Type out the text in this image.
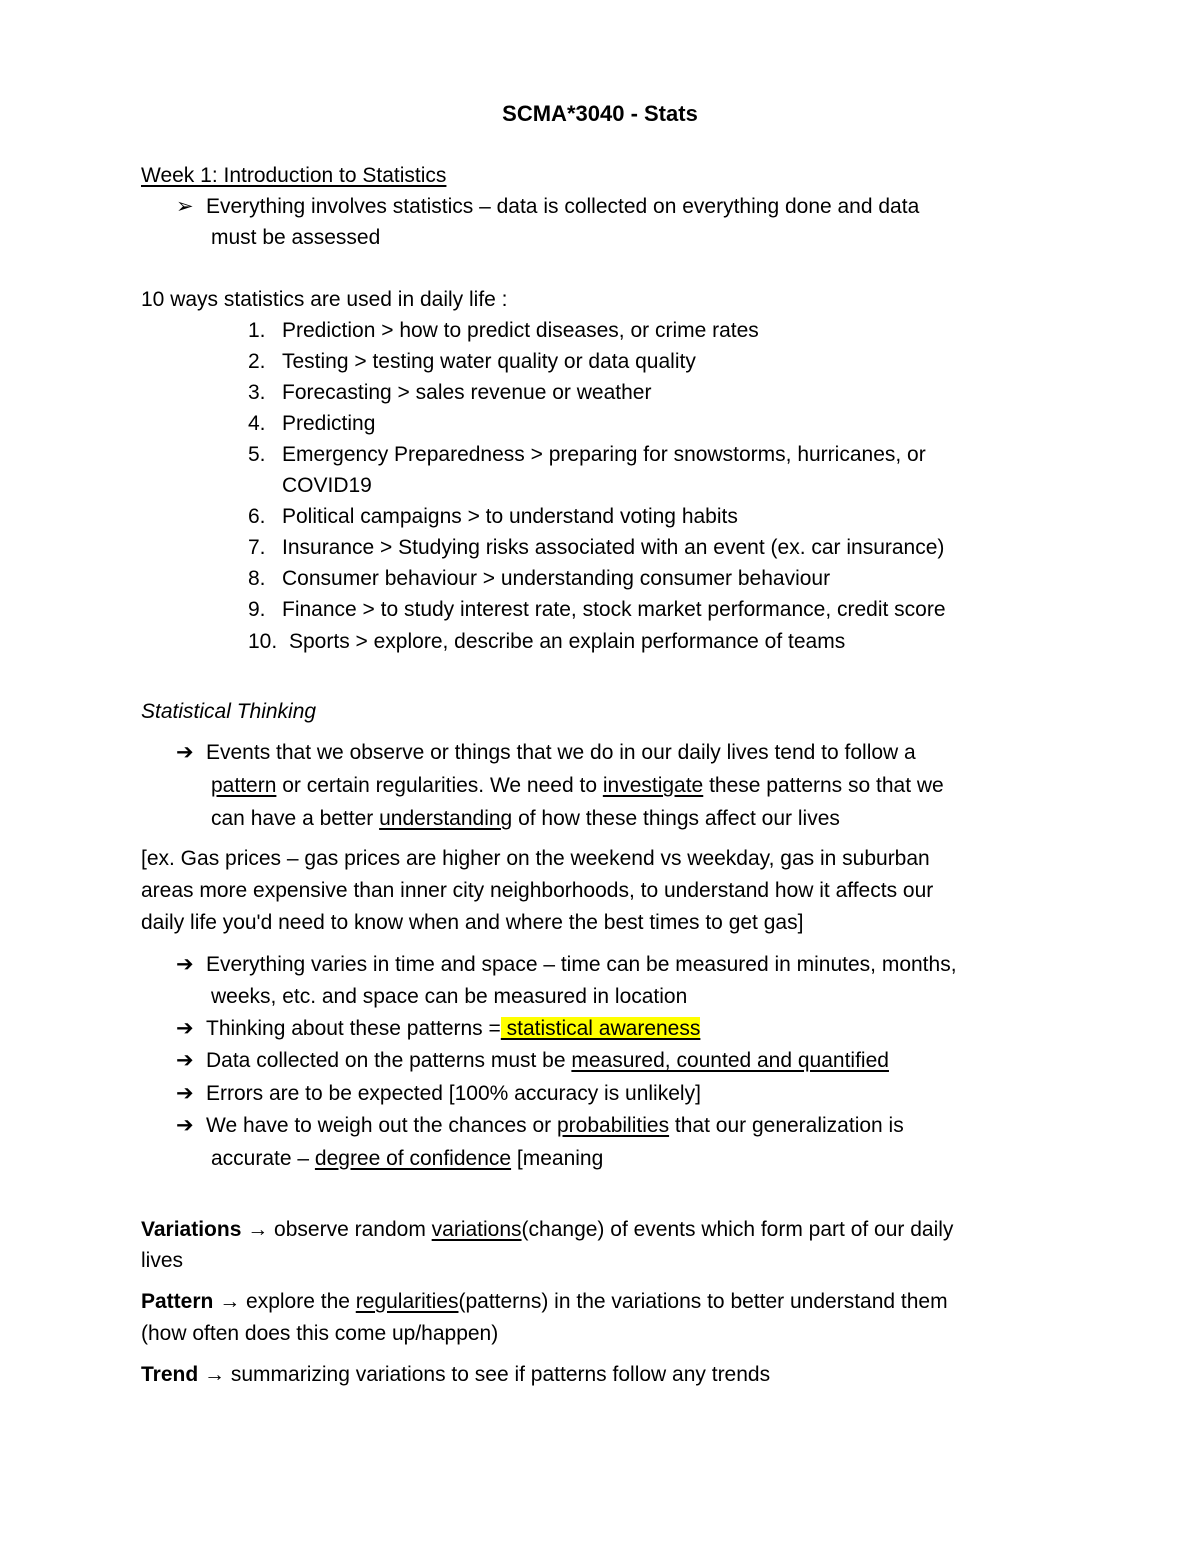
SCMA*3040 - Stats
Week 1: Introduction to Statistics
➢ Everything involves statistics – data is collected on everything done and data
must be assessed
10 ways statistics are used in daily life :
1. Prediction > how to predict diseases, or crime rates
2. Testing > testing water quality or data quality
3. Forecasting > sales revenue or weather
4. Predicting
5. Emergency Preparedness > preparing for snowstorms, hurricanes, or
COVID19
6. Political campaigns > to understand voting habits
7. Insurance > Studying risks associated with an event (ex. car insurance)
8. Consumer behaviour > understanding consumer behaviour
9. Finance > to study interest rate, stock market performance, credit score
10. Sports > explore, describe an explain performance of teams
Statistical Thinking
➔ Events that we observe or things that we do in our daily lives tend to follow a
pattern or certain regularities. We need to investigate these patterns so that we
can have a better understanding of how these things affect our lives
[ex. Gas prices – gas prices are higher on the weekend vs weekday, gas in suburban
areas more expensive than inner city neighborhoods, to understand how it affects our
daily life you'd need to know when and where the best times to get gas]
➔ Everything varies in time and space – time can be measured in minutes, months,
weeks, etc. and space can be measured in location
➔ Thinking about these patterns = statistical awareness
➔ Data collected on the patterns must be measured, counted and quantified
➔ Errors are to be expected [100% accuracy is unlikely]
➔ We have to weigh out the chances or probabilities that our generalization is
accurate – degree of confidence [meaning
Variations → observe random variations(change) of events which form part of our daily
lives
Pattern → explore the regularities(patterns) in the variations to better understand them
(how often does this come up/happen)
Trend → summarizing variations to see if patterns follow any trends
